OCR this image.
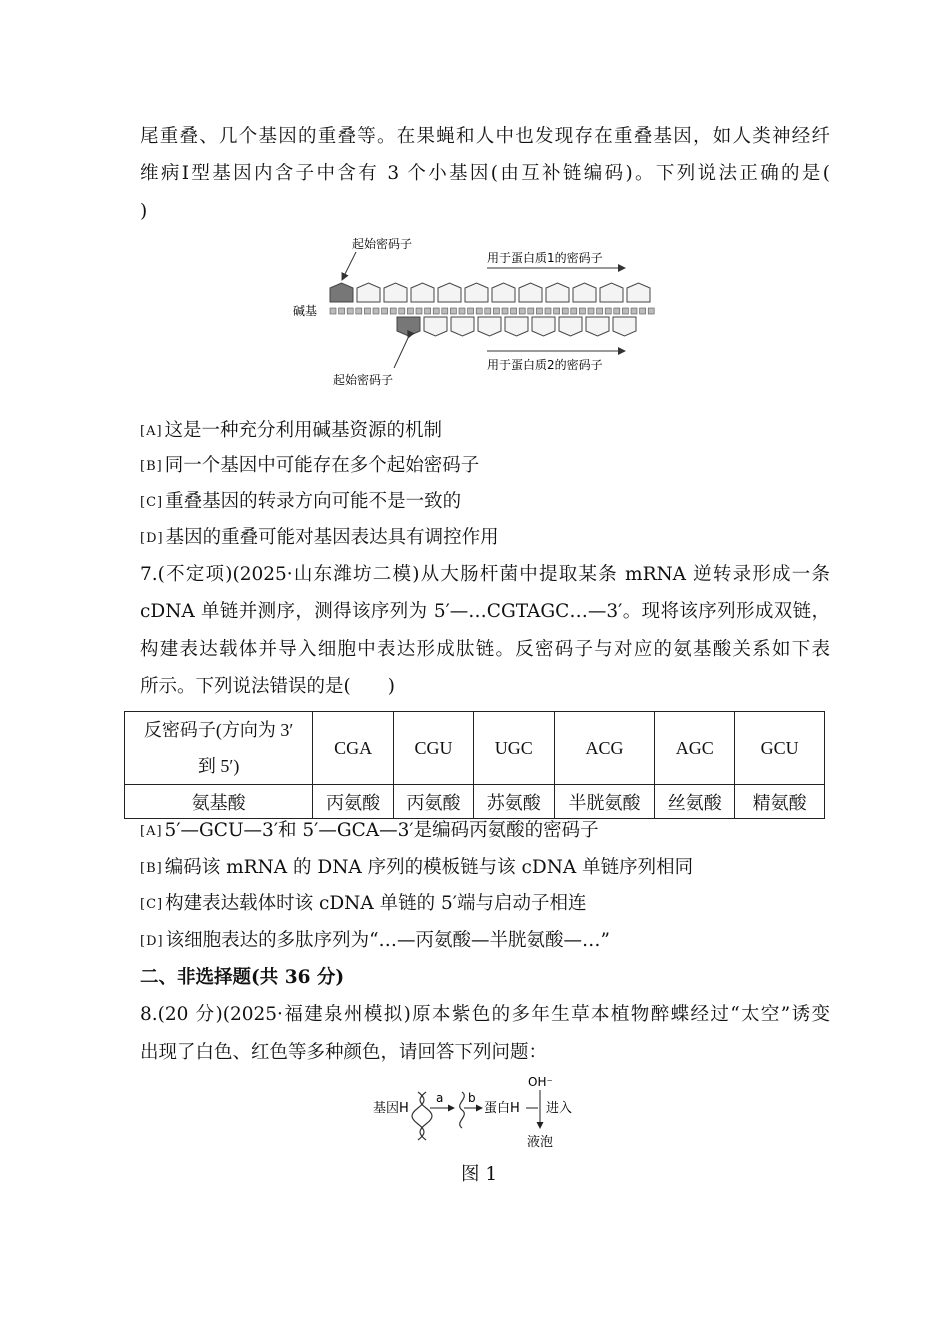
尾重叠、几个基因的重叠等。在果蝇和人中也发现存在重叠基因，如人类神经纤
维病Ⅰ型基因内含子中含有 3 个小基因(由互补链编码)。下列说法正确的是(
)
起始密码子
用于蛋白质1的密码子
碱基
起始密码子
用于蛋白质2的密码子
[A] 这是一种充分利用碱基资源的机制
[B] 同一个基因中可能存在多个起始密码子
[C] 重叠基因的转录方向可能不是一致的
[D] 基因的重叠可能对基因表达具有调控作用
7.(不定项)(2025·山东潍坊二模)从大肠杆菌中提取某条 mRNA 逆转录形成一条
cDNA 单链并测序，测得该序列为 5′—…CGTAGC…—3′。现将该序列形成双链，
构建表达载体并导入细胞中表达形成肽链。反密码子与对应的氨基酸关系如下表
所示。下列说法错误的是(　　)
反密码子(方向为 3′
到 5′)	CGA	CGU	UGC	ACG	AGC	GCU
氨基酸	丙氨酸	丙氨酸	苏氨酸	半胱氨酸	丝氨酸	精氨酸
[A] 5′—GCU—3′和 5′—GCA—3′是编码丙氨酸的密码子
[B] 编码该 mRNA 的 DNA 序列的模板链与该 cDNA 单链序列相同
[C] 构建表达载体时该 cDNA 单链的 5′端与启动子相连
[D] 该细胞表达的多肽序列为“…—丙氨酸—半胱氨酸—…”
二、非选择题(共 36 分)
8.(20 分)(2025·福建泉州模拟)原本紫色的多年生草本植物醉蝶经过“太空”诱变
出现了白色、红色等多种颜色，请回答下列问题：
基因H
a b
蛋白H
OH⁻
进入
液泡
图 1
